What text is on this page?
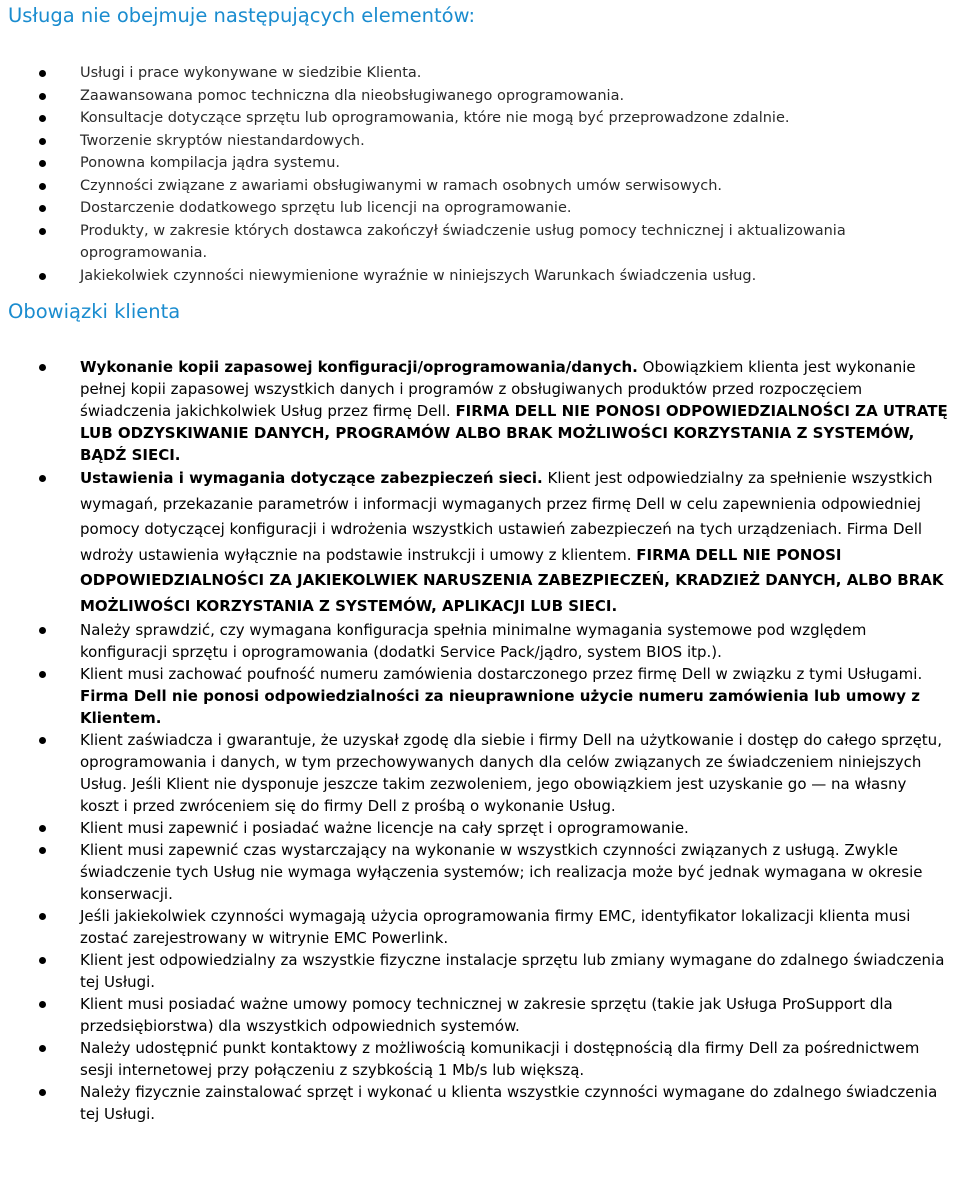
Usługa nie obejmuje następujących elementów:
Usługi i prace wykonywane w siedzibie Klienta.
Zaawansowana pomoc techniczna dla nieobsługiwanego oprogramowania.
Konsultacje dotyczące sprzętu lub oprogramowania, które nie mogą być przeprowadzone zdalnie.
Tworzenie skryptów niestandardowych.
Ponowna kompilacja jądra systemu.
Czynności związane z awariami obsługiwanymi w ramach osobnych umów serwisowych.
Dostarczenie dodatkowego sprzętu lub licencji na oprogramowanie.
Produkty, w zakresie których dostawca zakończył świadczenie usług pomocy technicznej i aktualizowania oprogramowania.
Jakiekolwiek czynności niewymienione wyraźnie w niniejszych Warunkach świadczenia usług.
Obowiązki klienta
Wykonanie kopii zapasowej konfiguracji/oprogramowania/danych. Obowiązkiem klienta jest wykonanie pełnej kopii zapasowej wszystkich danych i programów z obsługiwanych produktów przed rozpoczęciem świadczenia jakichkolwiek Usług przez firmę Dell. FIRMA DELL NIE PONOSI ODPOWIEDZIALNOŚCI ZA UTRATĘ LUB ODZYSKIWANIE DANYCH, PROGRAMÓW ALBO BRAK MOŻLIWOŚCI KORZYSTANIA Z SYSTEMÓW, BĄDŹ SIECI.
Ustawienia i wymagania dotyczące zabezpieczeń sieci. Klient jest odpowiedzialny za spełnienie wszystkich wymagań, przekazanie parametrów i informacji wymaganych przez firmę Dell w celu zapewnienia odpowiedniej pomocy dotyczącej konfiguracji i wdrożenia wszystkich ustawień zabezpieczeń na tych urządzeniach. Firma Dell wdroży ustawienia wyłącznie na podstawie instrukcji i umowy z klientem. FIRMA DELL NIE PONOSI ODPOWIEDZIALNOŚCI ZA JAKIEKOLWIEK NARUSZENIA ZABEZPIECZEŃ, KRADZIEŻ DANYCH, ALBO BRAK MOŻLIWOŚCI KORZYSTANIA Z SYSTEMÓW, APLIKACJI LUB SIECI.
Należy sprawdzić, czy wymagana konfiguracja spełnia minimalne wymagania systemowe pod względem konfiguracji sprzętu i oprogramowania (dodatki Service Pack/jądro, system BIOS itp.).
Klient musi zachować poufność numeru zamówienia dostarczonego przez firmę Dell w związku z tymi Usługami. Firma Dell nie ponosi odpowiedzialności za nieuprawnione użycie numeru zamówienia lub umowy z Klientem.
Klient zaświadcza i gwarantuje, że uzyskał zgodę dla siebie i firmy Dell na użytkowanie i dostęp do całego sprzętu, oprogramowania i danych, w tym przechowywanych danych dla celów związanych ze świadczeniem niniejszych Usług. Jeśli Klient nie dysponuje jeszcze takim zezwoleniem, jego obowiązkiem jest uzyskanie go — na własny koszt i przed zwróceniem się do firmy Dell z prośbą o wykonanie Usług.
Klient musi zapewnić i posiadać ważne licencje na cały sprzęt i oprogramowanie.
Klient musi zapewnić czas wystarczający na wykonanie w wszystkich czynności związanych z usługą. Zwykle świadczenie tych Usług nie wymaga wyłączenia systemów; ich realizacja może być jednak wymagana w okresie konserwacji.
Jeśli jakiekolwiek czynności wymagają użycia oprogramowania firmy EMC, identyfikator lokalizacji klienta musi zostać zarejestrowany w witrynie EMC Powerlink.
Klient jest odpowiedzialny za wszystkie fizyczne instalacje sprzętu lub zmiany wymagane do zdalnego świadczenia tej Usługi.
Klient musi posiadać ważne umowy pomocy technicznej w zakresie sprzętu (takie jak Usługa ProSupport dla przedsiębiorstwa) dla wszystkich odpowiednich systemów.
Należy udostępnić punkt kontaktowy z możliwością komunikacji i dostępnością dla firmy Dell za pośrednictwem sesji internetowej przy połączeniu z szybkością 1 Mb/s lub większą.
Należy fizycznie zainstalować sprzęt i wykonać u klienta wszystkie czynności wymagane do zdalnego świadczenia tej Usługi.
